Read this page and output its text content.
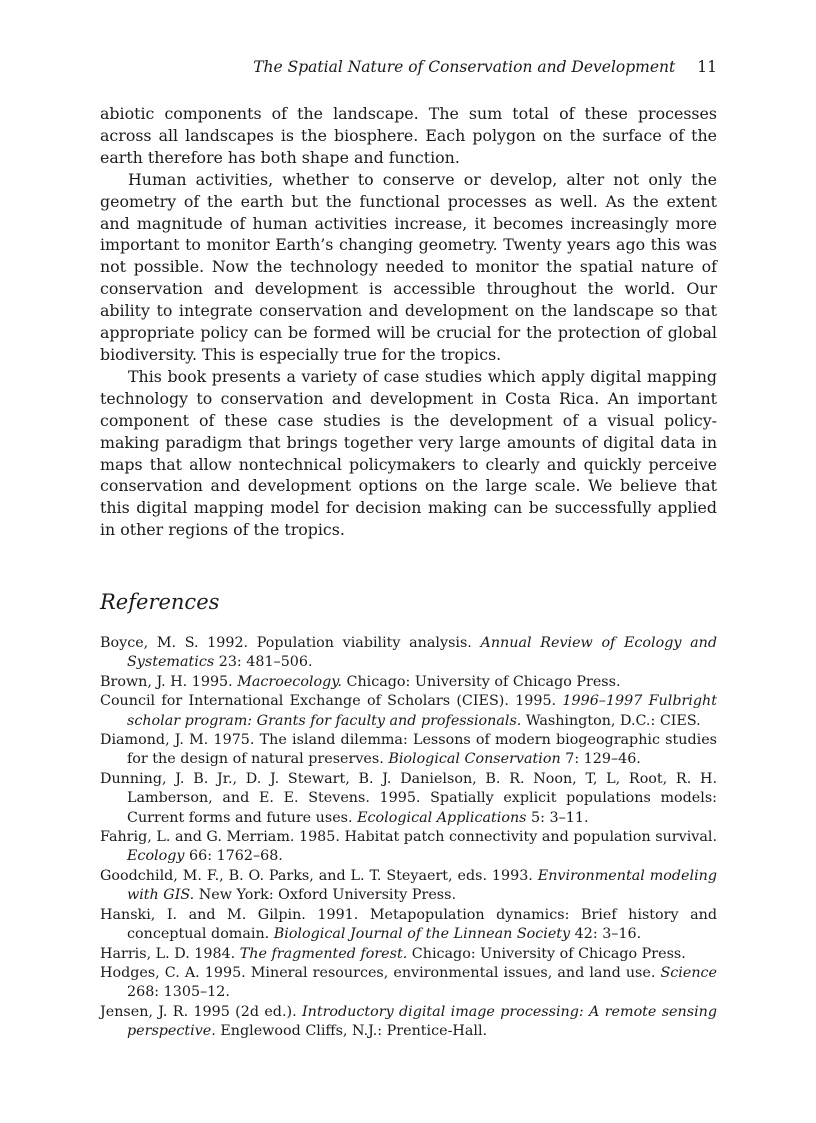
The Spatial Nature of Conservation and Development 11

abiotic components of the landscape. The sum total of these processes across all landscapes is the biosphere. Each polygon on the surface of the earth therefore has both shape and function.

Human activities, whether to conserve or develop, alter not only the geometry of the earth but the functional processes as well. As the extent and magnitude of human activities increase, it becomes increasingly more important to monitor Earth’s changing geometry. Twenty years ago this was not possible. Now the technology needed to monitor the spatial nature of conservation and development is accessible throughout the world. Our ability to integrate conservation and development on the landscape so that appropriate policy can be formed will be crucial for the protection of global biodiversity. This is especially true for the tropics.

This book presents a variety of case studies which apply digital mapping technology to conservation and development in Costa Rica. An important component of these case studies is the development of a visual policy-making paradigm that brings together very large amounts of digital data in maps that allow nontechnical policymakers to clearly and quickly perceive conservation and development options on the large scale. We believe that this digital mapping model for decision making can be successfully applied in other regions of the tropics.

References

Boyce, M. S. 1992. Population viability analysis. Annual Review of Ecology and Systematics 23: 481–506.

Brown, J. H. 1995. Macroecology. Chicago: University of Chicago Press.

Council for International Exchange of Scholars (CIES). 1995. 1996–1997 Fulbright scholar program: Grants for faculty and professionals. Washington, D.C.: CIES.

Diamond, J. M. 1975. The island dilemma: Lessons of modern biogeographic studies for the design of natural preserves. Biological Conservation 7: 129–46.

Dunning, J. B. Jr., D. J. Stewart, B. J. Danielson, B. R. Noon, T, L, Root, R. H. Lamberson, and E. E. Stevens. 1995. Spatially explicit populations models: Current forms and future uses. Ecological Applications 5: 3–11.

Fahrig, L. and G. Merriam. 1985. Habitat patch connectivity and population survival. Ecology 66: 1762–68.

Goodchild, M. F., B. O. Parks, and L. T. Steyaert, eds. 1993. Environmental modeling with GIS. New York: Oxford University Press.

Hanski, I. and M. Gilpin. 1991. Metapopulation dynamics: Brief history and conceptual domain. Biological Journal of the Linnean Society 42: 3–16.

Harris, L. D. 1984. The fragmented forest. Chicago: University of Chicago Press.

Hodges, C. A. 1995. Mineral resources, environmental issues, and land use. Science 268: 1305–12.

Jensen, J. R. 1995 (2d ed.). Introductory digital image processing: A remote sensing perspective. Englewood Cliffs, N.J.: Prentice-Hall.
